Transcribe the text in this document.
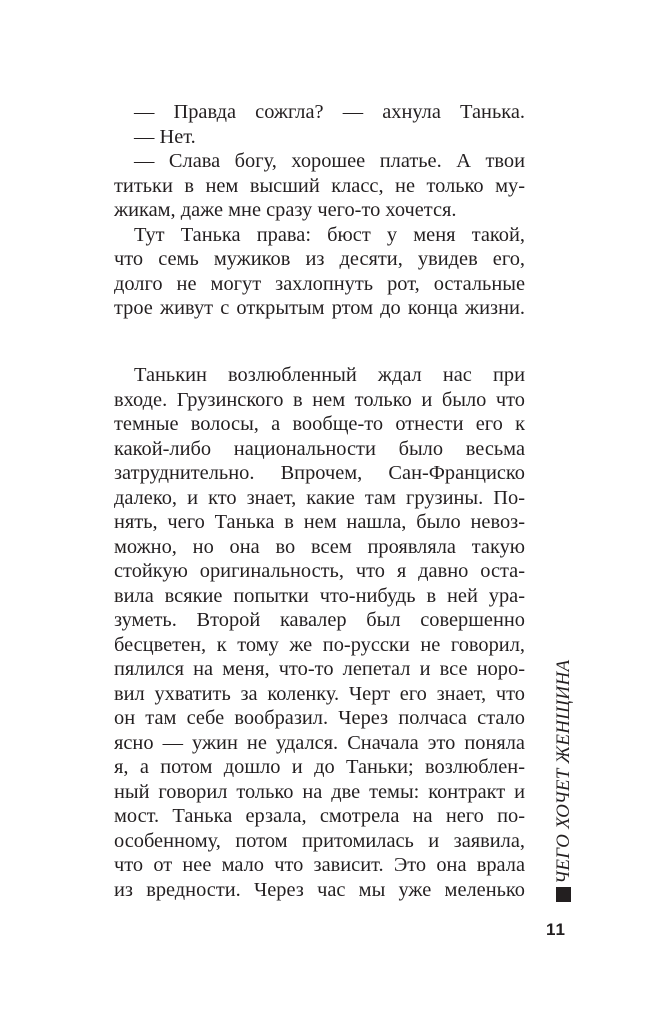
— Правда сожгла? — ахнула Танька.
— Нет.
— Слава богу, хорошее платье. А твои
титьки в нем высший класс, не только му-
жикам, даже мне сразу чего-то хочется.
Тут Танька права: бюст у меня такой,
что семь мужиков из десяти, увидев его,
долго не могут захлопнуть рот, остальные
трое живут с открытым ртом до конца жизни.
Танькин возлюбленный ждал нас при
входе. Грузинского в нем только и было что
темные волосы, а вообще-то отнести его к
какой-либо национальности было весьма
затруднительно. Впрочем, Сан-Франциско
далеко, и кто знает, какие там грузины. По-
нять, чего Танька в нем нашла, было невоз-
можно, но она во всем проявляла такую
стойкую оригинальность, что я давно оста-
вила всякие попытки что-нибудь в ней ура-
зуметь. Второй кавалер был совершенно
бесцветен, к тому же по-русски не говорил,
пялился на меня, что-то лепетал и все норо-
вил ухватить за коленку. Черт его знает, что
он там себе вообразил. Через полчаса стало
ясно — ужин не удался. Сначала это поняла
я, а потом дошло и до Таньки; возлюблен-
ный говорил только на две темы: контракт и
мост. Танька ерзала, смотрела на него по-
особенному, потом притомилась и заявила,
что от нее мало что зависит. Это она врала
из вредности. Через час мы уже меленько
ЧЕГО ХОЧЕТ ЖЕНЩИНА
11
